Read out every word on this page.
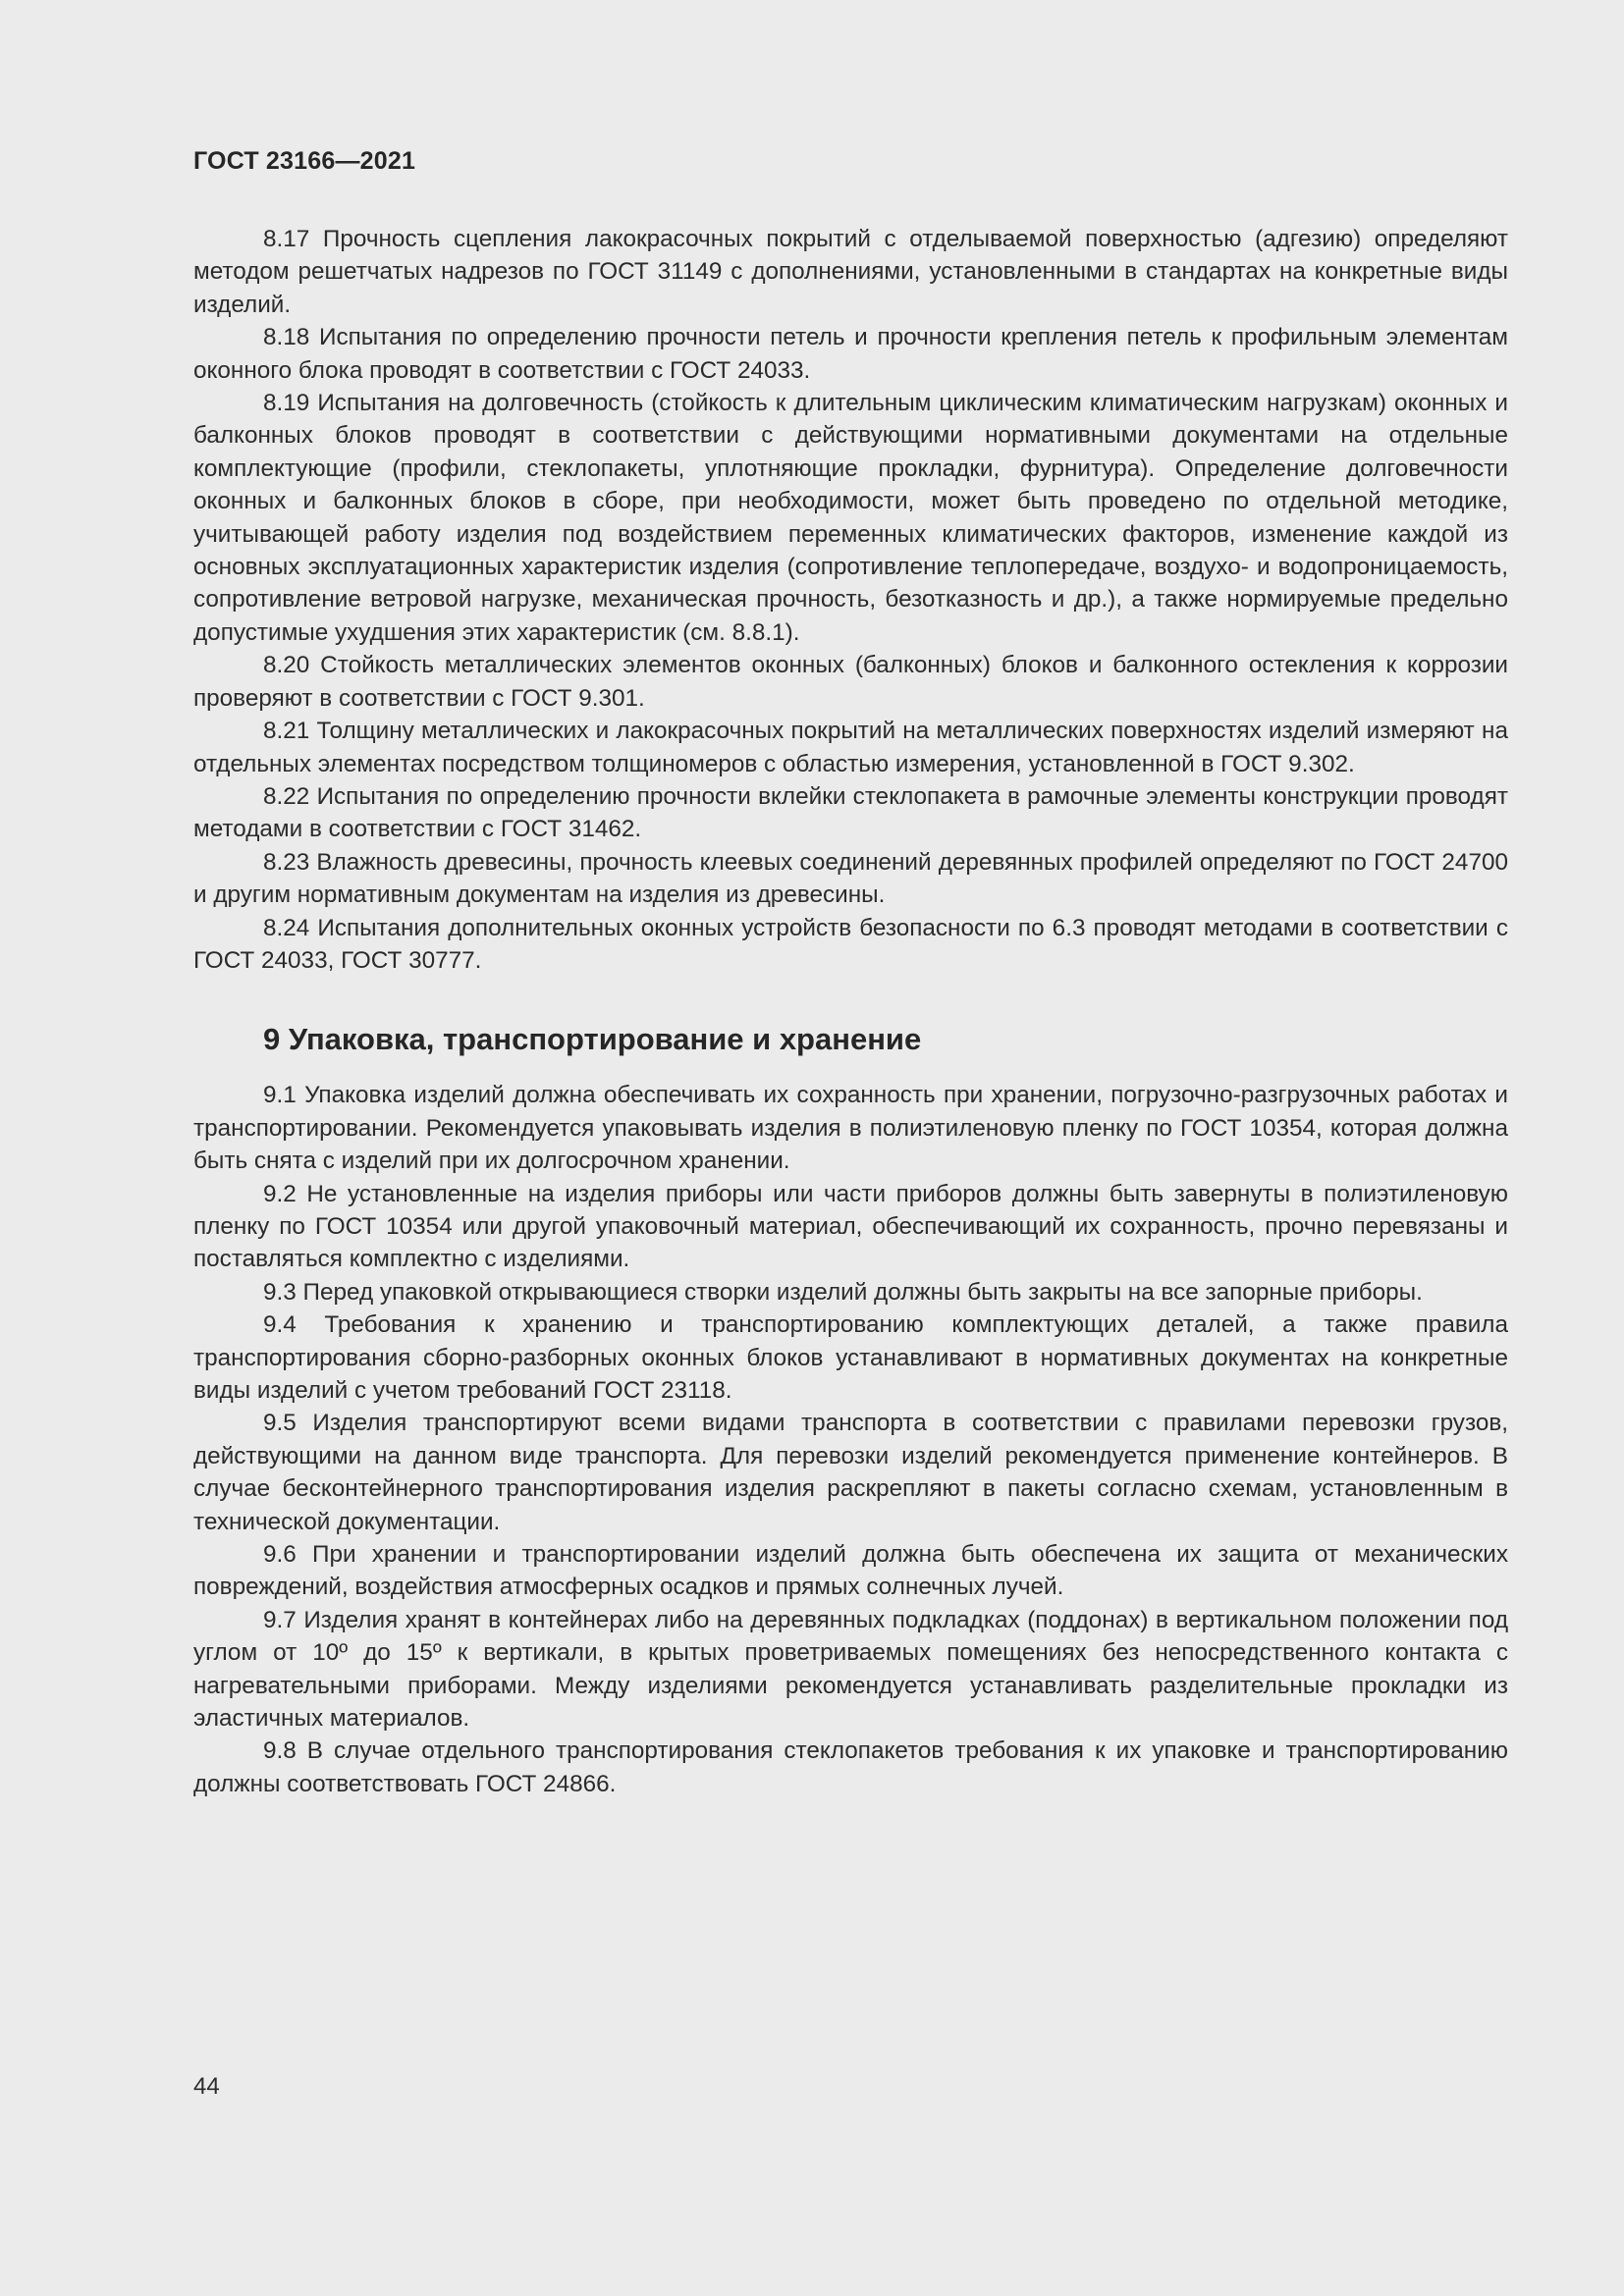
ГОСТ 23166—2021

8.17 Прочность сцепления лакокрасочных покрытий с отделываемой поверхностью (адгезию) определяют методом решетчатых надрезов по ГОСТ 31149 с дополнениями, установленными в стандартах на конкретные виды изделий.

8.18 Испытания по определению прочности петель и прочности крепления петель к профильным элементам оконного блока проводят в соответствии с ГОСТ 24033.

8.19 Испытания на долговечность (стойкость к длительным циклическим климатическим нагрузкам) оконных и балконных блоков проводят в соответствии с действующими нормативными документами на отдельные комплектующие (профили, стеклопакеты, уплотняющие прокладки, фурнитура). Определение долговечности оконных и балконных блоков в сборе, при необходимости, может быть проведено по отдельной методике, учитывающей работу изделия под воздействием переменных климатических факторов, изменение каждой из основных эксплуатационных характеристик изделия (сопротивление теплопередаче, воздухо- и водопроницаемость, сопротивление ветровой нагрузке, механическая прочность, безотказность и др.), а также нормируемые предельно допустимые ухудшения этих характеристик (см. 8.8.1).

8.20 Стойкость металлических элементов оконных (балконных) блоков и балконного остекления к коррозии проверяют в соответствии с ГОСТ 9.301.

8.21 Толщину металлических и лакокрасочных покрытий на металлических поверхностях изделий измеряют на отдельных элементах посредством толщиномеров с областью измерения, установленной в ГОСТ 9.302.

8.22 Испытания по определению прочности вклейки стеклопакета в рамочные элементы конструкции проводят методами в соответствии с ГОСТ 31462.

8.23 Влажность древесины, прочность клеевых соединений деревянных профилей определяют по ГОСТ 24700 и другим нормативным документам на изделия из древесины.

8.24 Испытания дополнительных оконных устройств безопасности по 6.3 проводят методами в соответствии с ГОСТ 24033, ГОСТ 30777.

9 Упаковка, транспортирование и хранение

9.1 Упаковка изделий должна обеспечивать их сохранность при хранении, погрузочно-разгрузочных работах и транспортировании. Рекомендуется упаковывать изделия в полиэтиленовую пленку по ГОСТ 10354, которая должна быть снята с изделий при их долгосрочном хранении.

9.2 Не установленные на изделия приборы или части приборов должны быть завернуты в полиэтиленовую пленку по ГОСТ 10354 или другой упаковочный материал, обеспечивающий их сохранность, прочно перевязаны и поставляться комплектно с изделиями.

9.3 Перед упаковкой открывающиеся створки изделий должны быть закрыты на все запорные приборы.

9.4 Требования к хранению и транспортированию комплектующих деталей, а также правила транспортирования сборно-разборных оконных блоков устанавливают в нормативных документах на конкретные виды изделий с учетом требований ГОСТ 23118.

9.5 Изделия транспортируют всеми видами транспорта в соответствии с правилами перевозки грузов, действующими на данном виде транспорта. Для перевозки изделий рекомендуется применение контейнеров. В случае бесконтейнерного транспортирования изделия раскрепляют в пакеты согласно схемам, установленным в технической документации.

9.6 При хранении и транспортировании изделий должна быть обеспечена их защита от механических повреждений, воздействия атмосферных осадков и прямых солнечных лучей.

9.7 Изделия хранят в контейнерах либо на деревянных подкладках (поддонах) в вертикальном положении под углом от 10º до 15º к вертикали, в крытых проветриваемых помещениях без непосредственного контакта с нагревательными приборами. Между изделиями рекомендуется устанавливать разделительные прокладки из эластичных материалов.

9.8 В случае отдельного транспортирования стеклопакетов требования к их упаковке и транспортированию должны соответствовать ГОСТ 24866.

44
